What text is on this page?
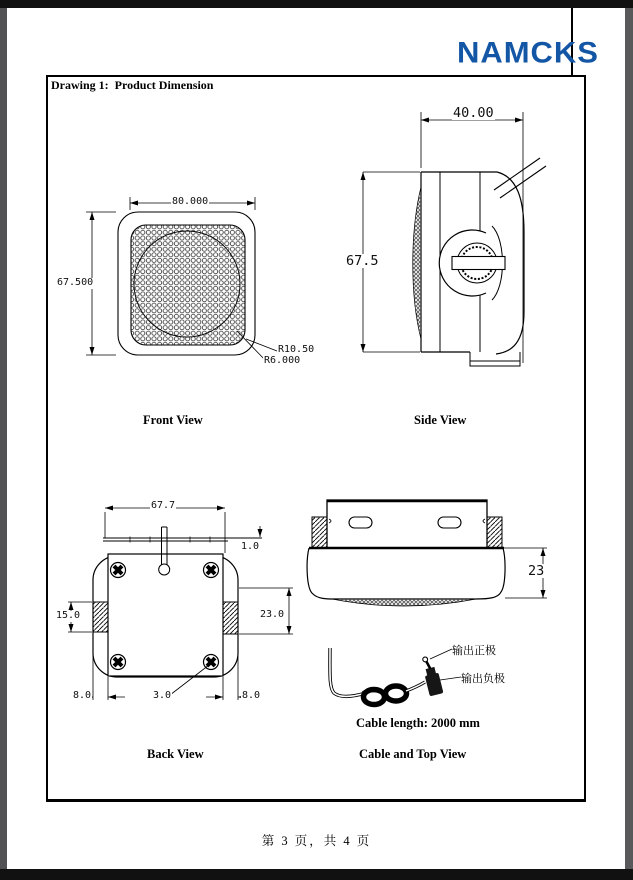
NAMCKS
Drawing 1:  Product Dimension
80.000
67.500
R10.50
R6.000
40.00
67.5
67.7
1.0
15.0	23.0
8.0	3.0	8.0
23
输出正极
输出负极
Cable length: 2000 mm
Front View	Side View
Back View	Cable and Top View
第 3 页，共 4 页
